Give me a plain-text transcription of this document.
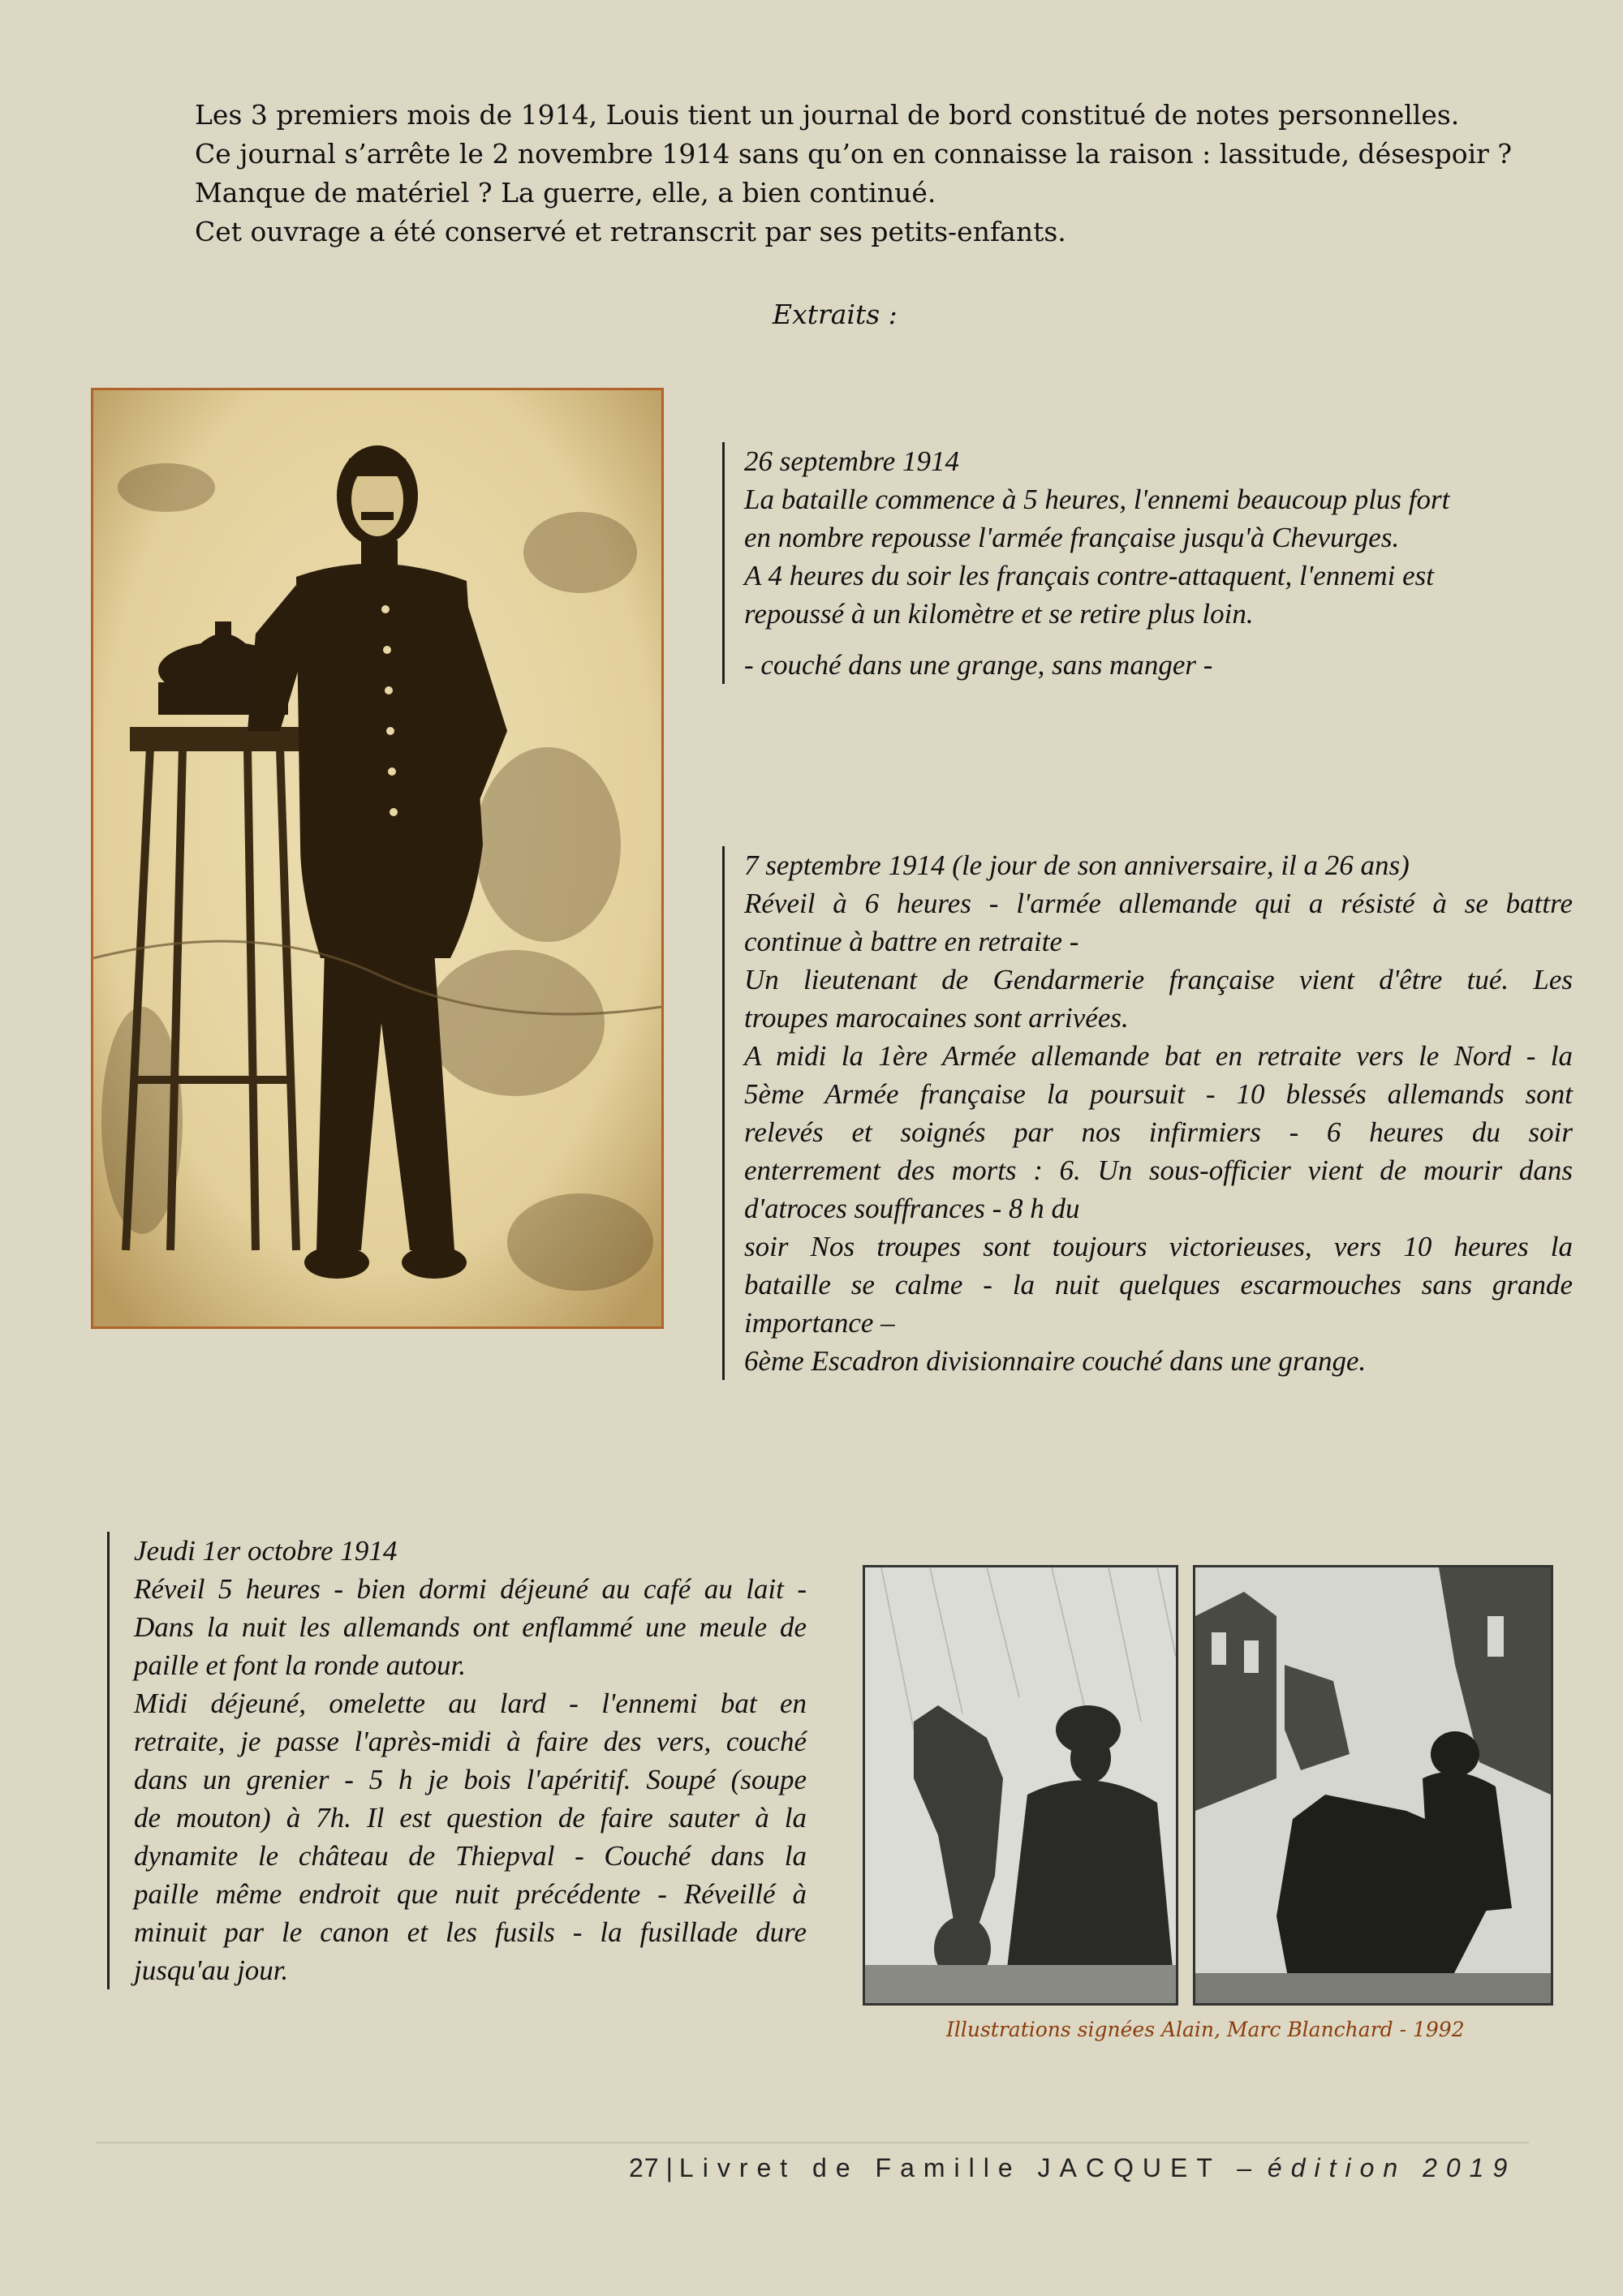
Les 3 premiers mois de 1914, Louis tient un journal de bord constitué de notes personnelles.
Ce journal s’arrête le 2 novembre 1914 sans qu’on en connaisse la raison : lassitude, désespoir ?
Manque de matériel ? La guerre, elle, a bien continué.
Cet ouvrage a été conservé et retranscrit par ses petits-enfants.
Extraits :
26 septembre 1914
La bataille commence à 5 heures, l'ennemi beaucoup plus fort
en nombre repousse l'armée française jusqu'à Chevurges.
A 4 heures du soir les français contre-attaquent, l'ennemi est
repoussé à un kilomètre et se retire plus loin.
- couché dans une grange, sans manger -
7 septembre 1914 (le jour de son anniversaire, il a 26 ans)
Réveil à 6 heures - l'armée allemande qui a résisté à se battre
continue à battre en retraite -
Un lieutenant de Gendarmerie française vient d'être tué. Les
troupes marocaines sont arrivées.
A midi la 1ère Armée allemande bat en retraite vers le Nord - la
5ème Armée française la poursuit - 10 blessés allemands sont
relevés et soignés par nos infirmiers - 6 heures du soir
enterrement des morts : 6. Un sous-officier vient de mourir dans
d'atroces souffrances - 8 h du
soir Nos troupes sont toujours victorieuses, vers 10 heures la
bataille se calme - la nuit quelques escarmouches sans grande
importance –
6ème Escadron divisionnaire couché dans une grange.
Jeudi 1er octobre 1914
Réveil 5 heures - bien dormi déjeuné au café au lait -
Dans la nuit les allemands ont enflammé une meule de
paille et font la ronde autour.
Midi déjeuné, omelette au lard - l'ennemi bat en
retraite, je passe l'après-midi à faire des vers, couché
dans un grenier - 5 h je bois l'apéritif. Soupé (soupe
de mouton) à 7h. Il est question de faire sauter à la
dynamite le château de Thiepval - Couché dans la
paille même endroit que nuit précédente - Réveillé à
minuit par le canon et les fusils - la fusillade dure
jusqu'au jour.
Illustrations signées Alain, Marc Blanchard - 1992
27 | Livret de Famille JACQUET – édition 2019
